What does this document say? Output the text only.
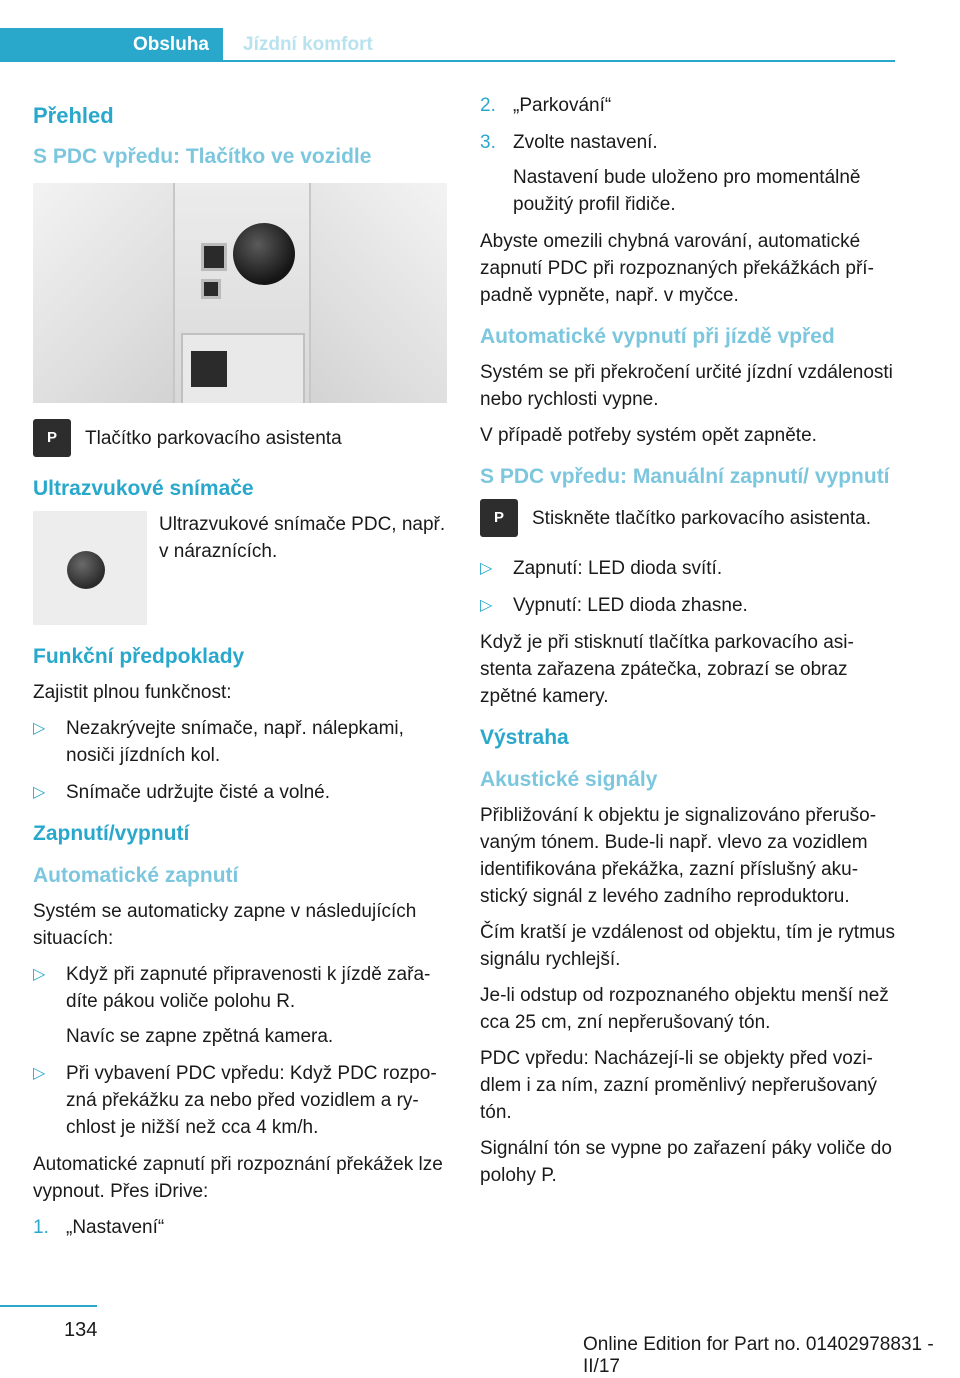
Obsluha	Jízdní komfort
Přehled
S PDC vpředu: Tlačítko ve vozidle
P	Tlačítko parkovacího asistenta
Ultrazvukové snímače
Ultrazvukové snímače PDC, např. v náraznících.
Funkční předpoklady

Zajistit plnou funkčnost:

▷ Nezakrývejte snímače, např. nálepkami, nosiči jízdních kol.
▷ Snímače udržujte čisté a volné.
Zapnutí/vypnutí
Automatické zapnutí

Systém se automaticky zapne v následujících situacích:

▷ Když při zapnuté připravenosti k jízdě zařadíte pákou voliče polohu R.
Navíc se zapne zpětná kamera.
▷ Při vybavení PDC vpředu: Když PDC rozpozná překážku za nebo před vozidlem a rychlost je nižší než cca 4 km/h.

Automatické zapnutí při rozpoznání překážek lze vypnout. Přes iDrive:

1. „Nastavení“
2. „Parkování“
3. Zvolte nastavení.
Nastavení bude uloženo pro momentálně použitý profil řidiče.

Abyste omezili chybná varování, automatické zapnutí PDC při rozpoznaných překážkách případně vypněte, např. v myčce.

Automatické vypnutí při jízdě vpřed

Systém se při překročení určité jízdní vzdálenosti nebo rychlosti vypne.

V případě potřeby systém opět zapněte.

S PDC vpředu: Manuální zapnutí/ vypnutí
P	Stiskněte tlačítko parkovacího asistenta.
▷ Zapnutí: LED dioda svítí.
▷ Vypnutí: LED dioda zhasne.

Když je při stisknutí tlačítka parkovacího asistenta zařazena zpátečka, zobrazí se obraz zpětné kamery.

Výstraha
Akustické signály

Přibližování k objektu je signalizováno přerušovaným tónem. Bude-li např. vlevo za vozidlem identifikována překážka, zazní příslušný akustický signál z levého zadního reproduktoru.

Čím kratší je vzdálenost od objektu, tím je rytmus signálu rychlejší.

Je-li odstup od rozpoznaného objektu menší než cca 25 cm, zní nepřerušovaný tón.

PDC vpředu: Nacházejí-li se objekty před vozidlem i za ním, zazní proměnlivý nepřerušovaný tón.

Signální tón se vypne po zařazení páky voliče do polohy P.

134
Online Edition for Part no. 01402978831 - II/17
